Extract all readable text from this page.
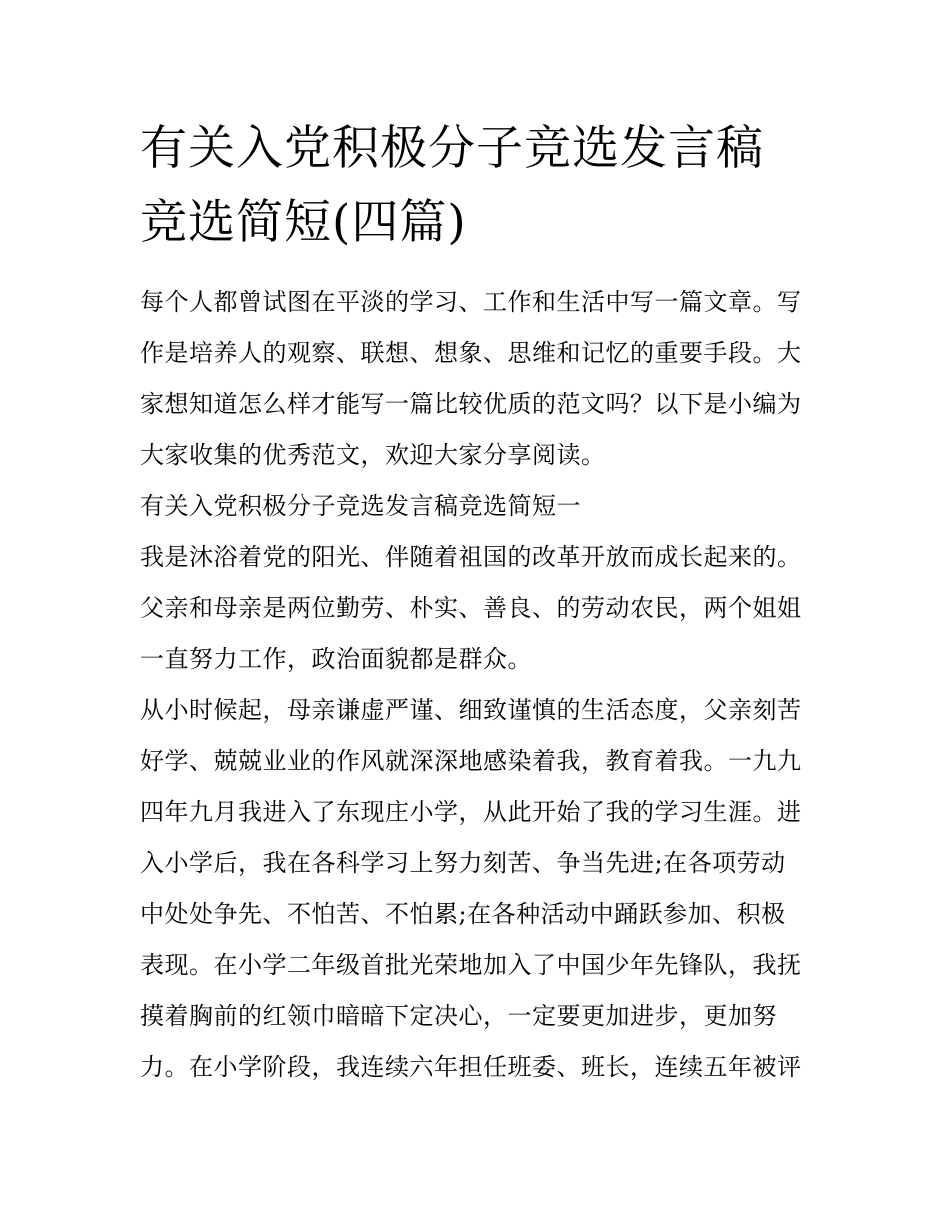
有关入党积极分子竞选发言稿
竞选简短(四篇)

每个人都曾试图在平淡的学习、工作和生活中写一篇文章。写

作是培养人的观察、联想、想象、思维和记忆的重要手段。大

家想知道怎么样才能写一篇比较优质的范文吗？以下是小编为

大家收集的优秀范文，欢迎大家分享阅读。

有关入党积极分子竞选发言稿竞选简短一

我是沐浴着党的阳光、伴随着祖国的改革开放而成长起来的。

父亲和母亲是两位勤劳、朴实、善良、的劳动农民，两个姐姐

一直努力工作，政治面貌都是群众。

从小时候起，母亲谦虚严谨、细致谨慎的生活态度，父亲刻苦

好学、兢兢业业的作风就深深地感染着我，教育着我。一九九

四年九月我进入了东现庄小学，从此开始了我的学习生涯。进

入小学后，我在各科学习上努力刻苦、争当先进;在各项劳动

中处处争先、不怕苦、不怕累;在各种活动中踊跃参加、积极

表现。在小学二年级首批光荣地加入了中国少年先锋队，我抚

摸着胸前的红领巾暗暗下定决心，一定要更加进步，更加努

力。在小学阶段，我连续六年担任班委、班长，连续五年被评
